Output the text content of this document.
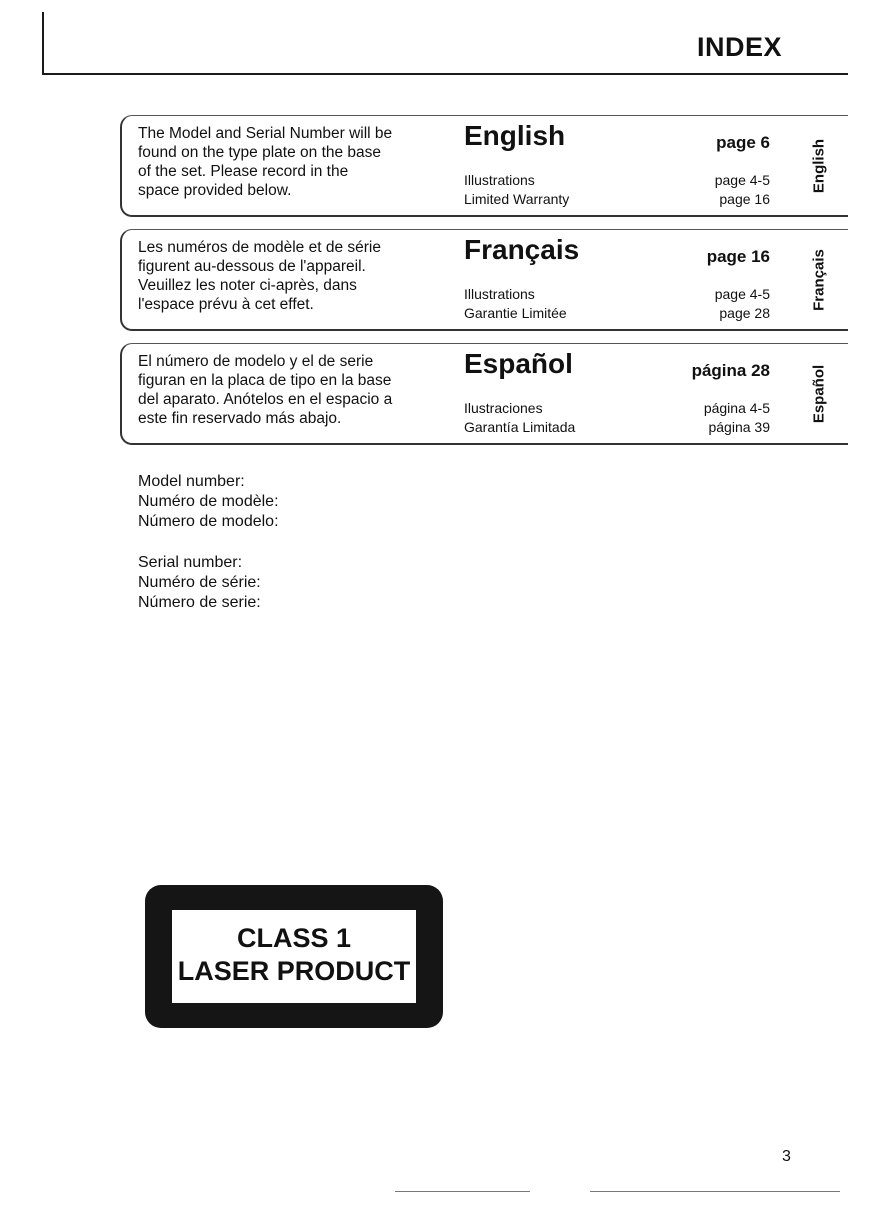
INDEX
The Model and Serial Number will be
found on the type plate on the base
of the set. Please record in the
space provided below.
English	page 6
Illustrations	page 4-5
Limited Warranty	page 16
English
Les numéros de modèle et de série
figurent au-dessous de l'appareil.
Veuillez les noter ci-après, dans
l'espace prévu à cet effet.
Français	page 16
Illustrations	page 4-5
Garantie Limitée	page 28
Français
El número de modelo y el de serie
figuran en la placa de tipo en la base
del aparato. Anótelos en el espacio a
este fin reservado más abajo.
Español	página 28
Ilustraciones	página 4-5
Garantía Limitada	página 39
Español
Model number:
Numéro de modèle:
Número de modelo:
Serial number:
Numéro de série:
Número de serie:
CLASS 1
LASER PRODUCT
3
